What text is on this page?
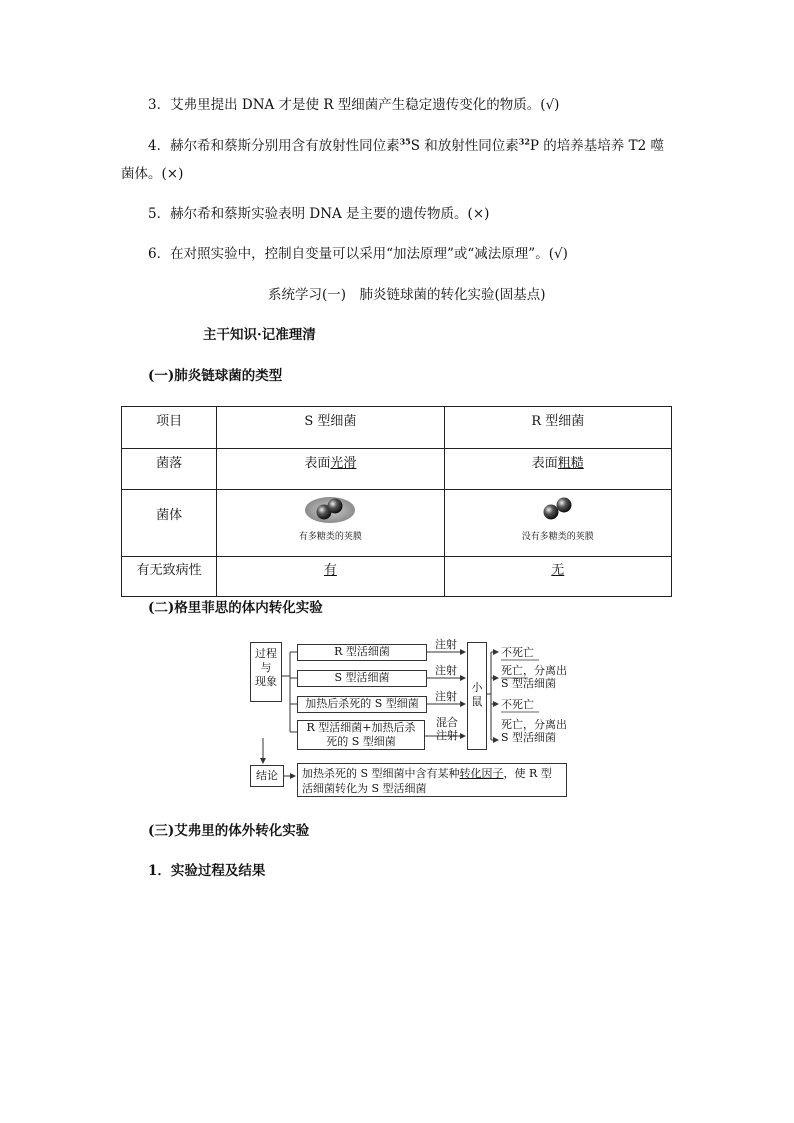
3．艾弗里提出 DNA 才是使 R 型细菌产生稳定遗传变化的物质。(√)
4．赫尔希和蔡斯分别用含有放射性同位素$^{35}$S 和放射性同位素$^{32}$P 的培养基培养 T2 噬
菌体。(×)
5．赫尔希和蔡斯实验表明 DNA 是主要的遗传物质。(×)
6．在对照实验中，控制自变量可以采用“加法原理”或“减法原理”。(√)
系统学习(一)　肺炎链球菌的转化实验(固基点)
主干知识·记准理清
(一)肺炎链球菌的类型
项目	S 型细菌	R 型细菌
菌落	表面光滑	表面粗糙
菌体	有多糖类的荚膜	没有多糖类的荚膜

有无致病性	有	无
(二)格里菲思的体内转化实验
过程
与
现象
R 型活细菌
S 型活细菌
加热后杀死的 S 型细菌
R 型活细菌+加热后杀死的 S 型细菌
注射
注射
注射
混合注射
小
鼠
不死亡
死亡，分离出 S 型活细菌
不死亡
死亡，分离出 S 型活细菌
结论	加热杀死的 S 型细菌中含有某种转化因子，使 R 型活细菌转化为 S 型活细菌
(三)艾弗里的体外转化实验
1．实验过程及结果
